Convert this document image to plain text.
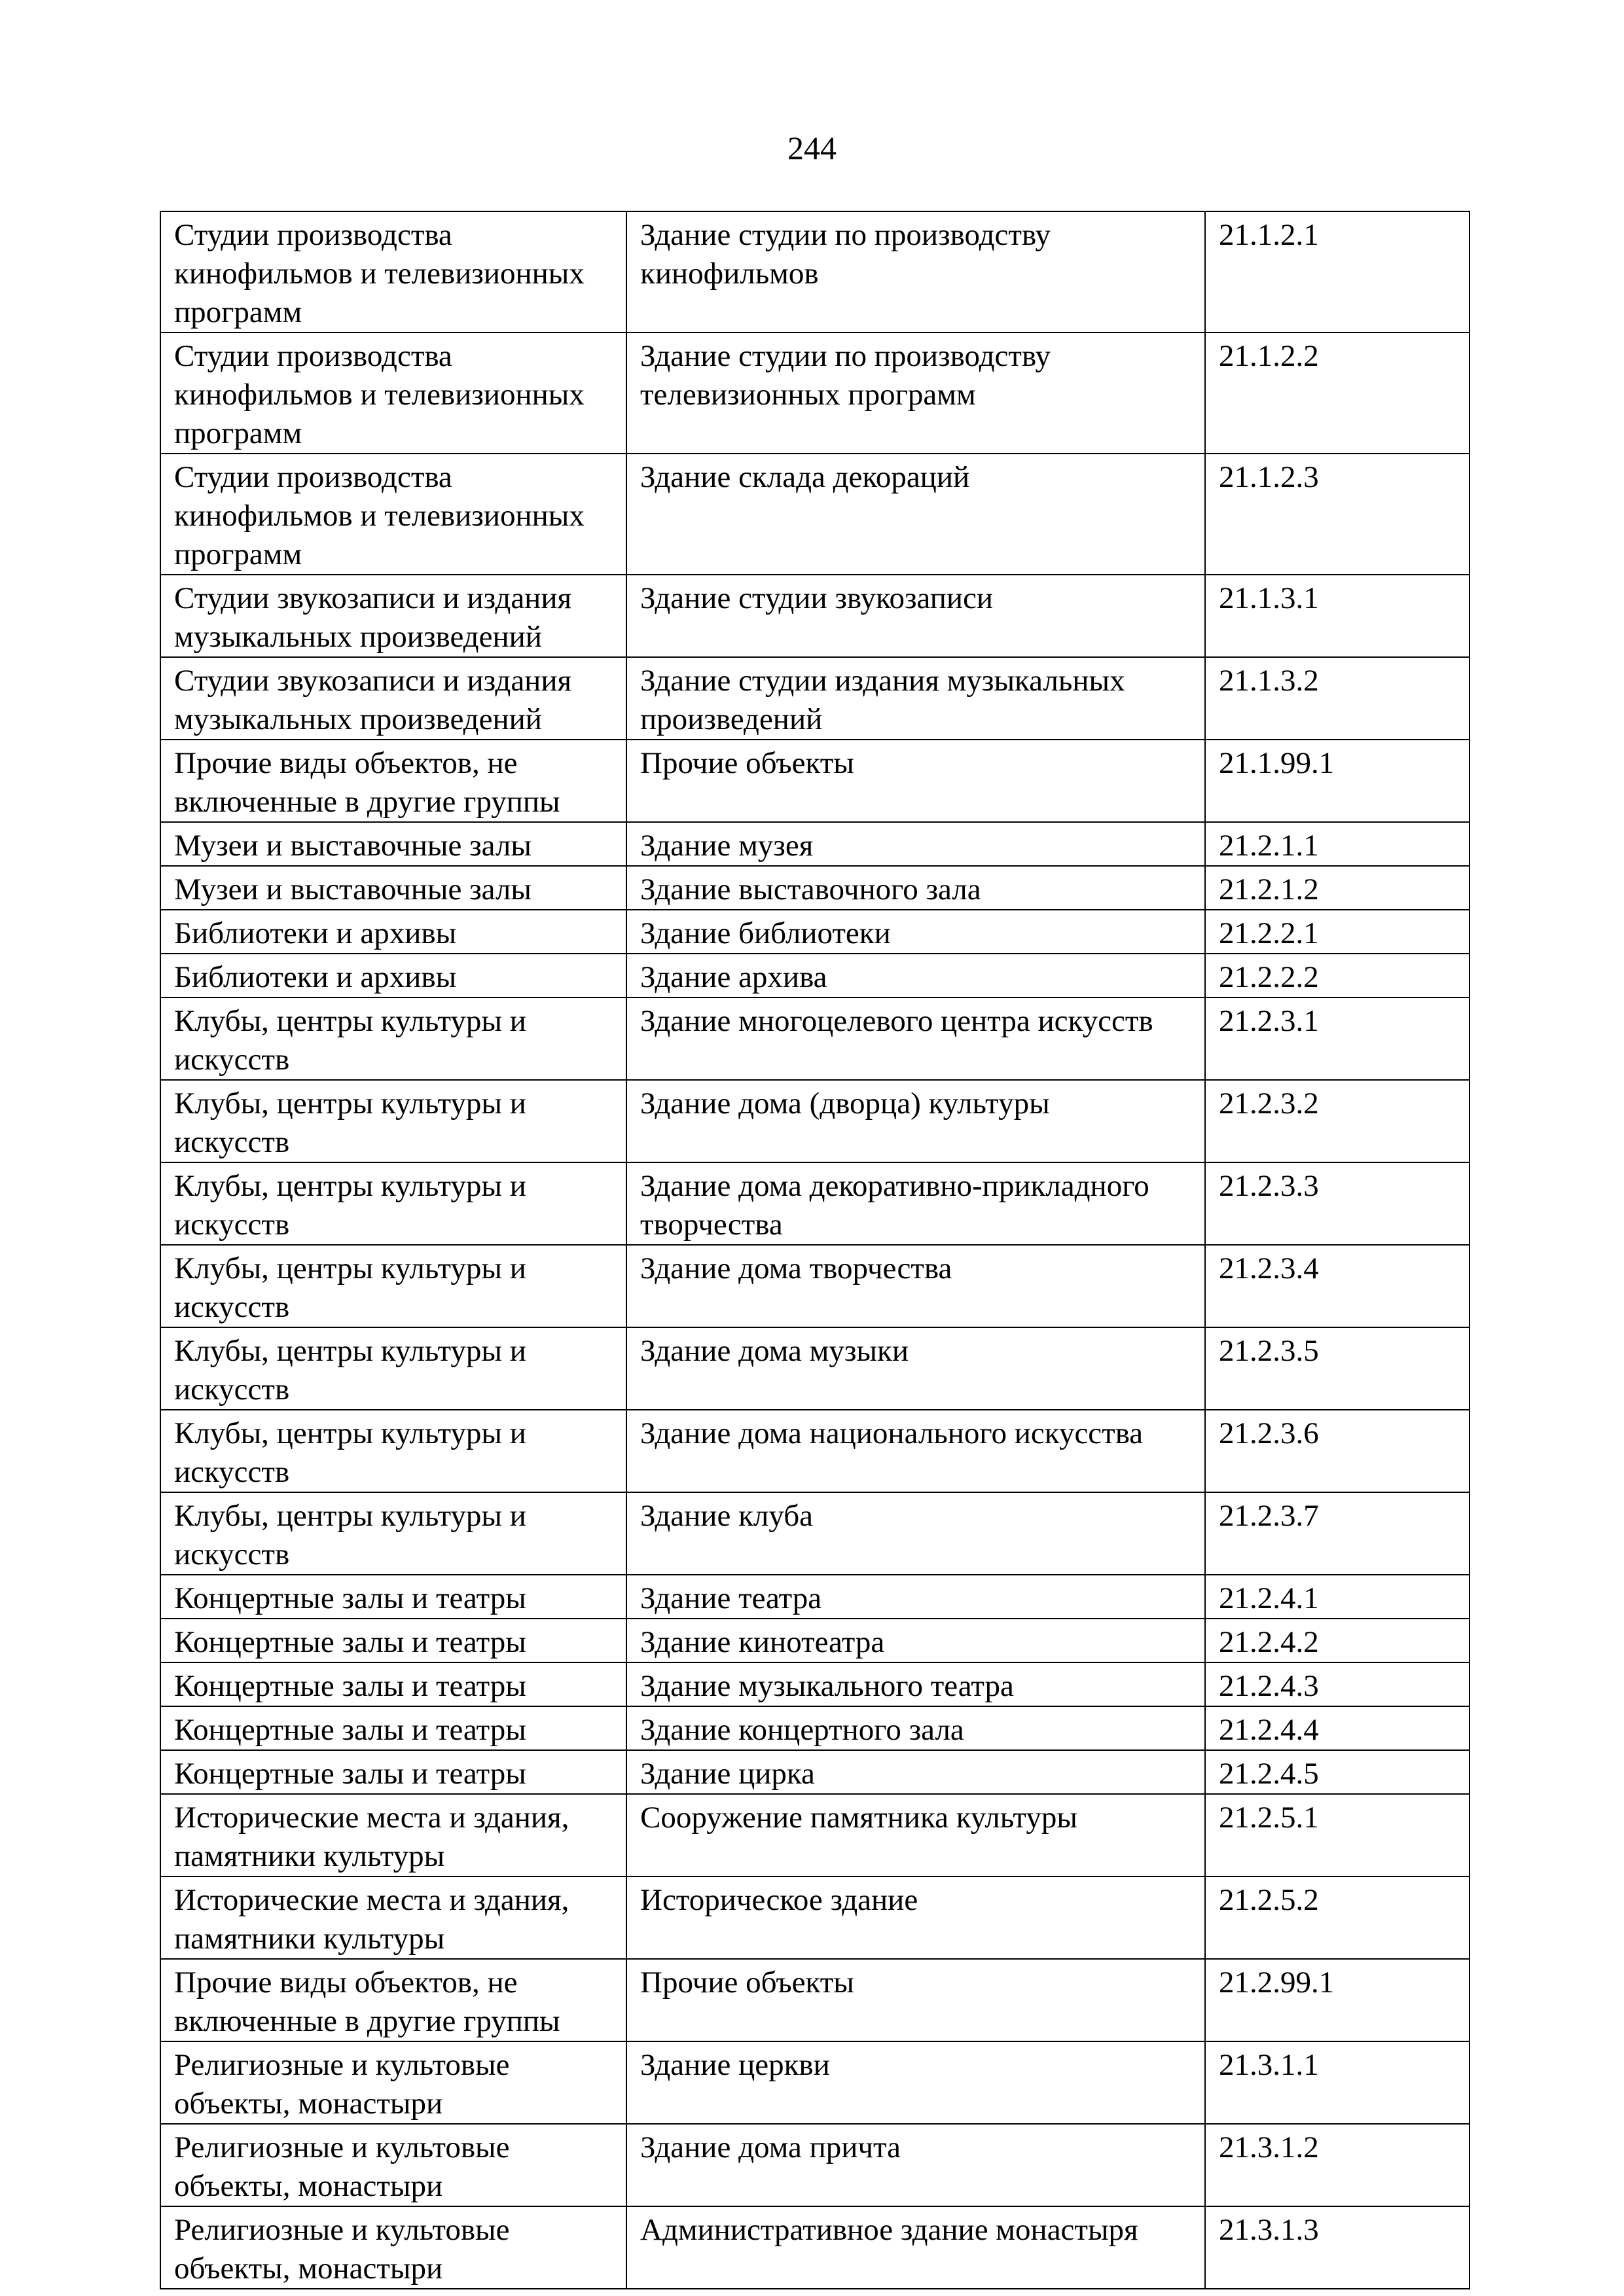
244
Студии производства кинофильмов и телевизионных программ	Здание студии по производству кинофильмов	21.1.2.1
Студии производства кинофильмов и телевизионных программ	Здание студии по производству телевизионных программ	21.1.2.2
Студии производства кинофильмов и телевизионных программ	Здание склада декораций	21.1.2.3
Студии звукозаписи и издания музыкальных произведений	Здание студии звукозаписи	21.1.3.1
Студии звукозаписи и издания музыкальных произведений	Здание студии издания музыкальных произведений	21.1.3.2
Прочие виды объектов, не включенные в другие группы	Прочие объекты	21.1.99.1
Музеи и выставочные залы	Здание музея	21.2.1.1
Музеи и выставочные залы	Здание выставочного зала	21.2.1.2
Библиотеки и архивы	Здание библиотеки	21.2.2.1
Библиотеки и архивы	Здание архива	21.2.2.2
Клубы, центры культуры и искусств	Здание многоцелевого центра искусств	21.2.3.1
Клубы, центры культуры и искусств	Здание дома (дворца) культуры	21.2.3.2
Клубы, центры культуры и искусств	Здание дома декоративно-прикладного творчества	21.2.3.3
Клубы, центры культуры и искусств	Здание дома творчества	21.2.3.4
Клубы, центры культуры и искусств	Здание дома музыки	21.2.3.5
Клубы, центры культуры и искусств	Здание дома национального искусства	21.2.3.6
Клубы, центры культуры и искусств	Здание клуба	21.2.3.7
Концертные залы и театры	Здание театра	21.2.4.1
Концертные залы и театры	Здание кинотеатра	21.2.4.2
Концертные залы и театры	Здание музыкального театра	21.2.4.3
Концертные залы и театры	Здание концертного зала	21.2.4.4
Концертные залы и театры	Здание цирка	21.2.4.5
Исторические места и здания, памятники культуры	Сооружение памятника культуры	21.2.5.1
Исторические места и здания, памятники культуры	Историческое здание	21.2.5.2
Прочие виды объектов, не включенные в другие группы	Прочие объекты	21.2.99.1
Религиозные и культовые объекты, монастыри	Здание церкви	21.3.1.1
Религиозные и культовые объекты, монастыри	Здание дома причта	21.3.1.2
Религиозные и культовые объекты, монастыри	Административное здание монастыря	21.3.1.3
